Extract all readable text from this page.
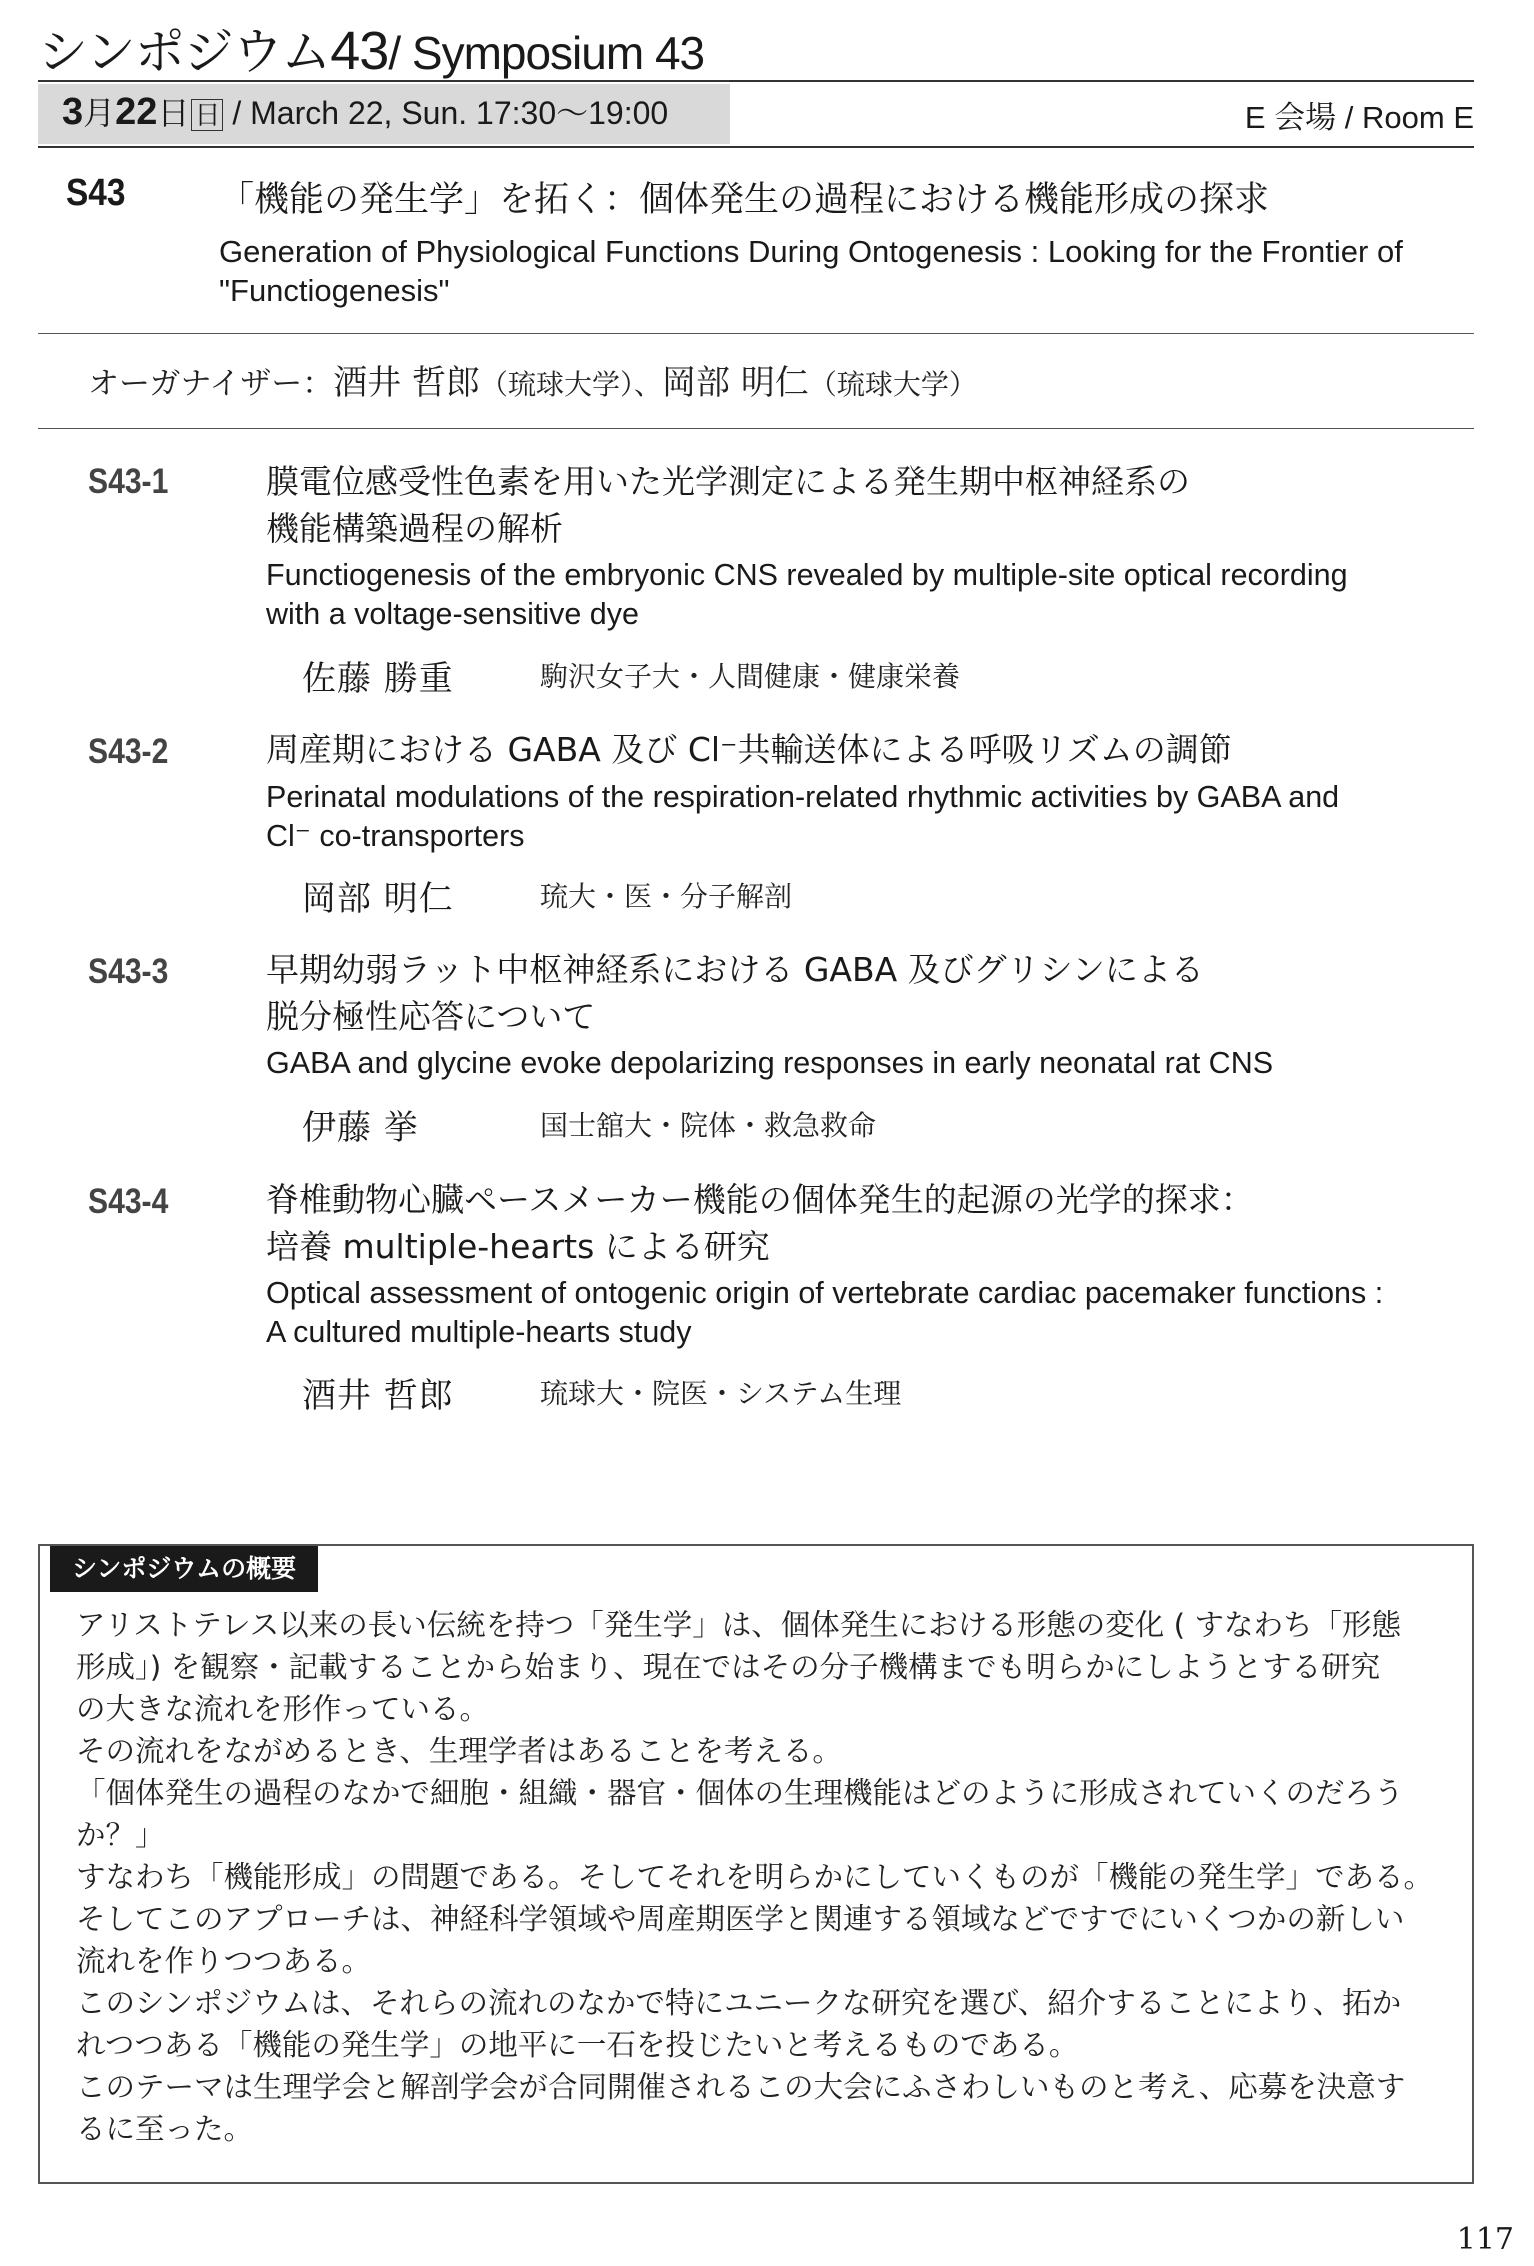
シンポジウム43/ Symposium 43
3月22日 日 / March 22, Sun. 17:30〜19:00	E 会場 / Room E
S43	「機能の発生学」を拓く：個体発生の過程における機能形成の探求
Generation of Physiological Functions During Ontogenesis : Looking for the Frontier of "Functiogenesis"
オーガナイザー：酒井 哲郎（琉球大学）、岡部 明仁（琉球大学）
S43-1	膜電位感受性色素を用いた光学測定による発生期中枢神経系の
機能構築過程の解析
Functiogenesis of the embryonic CNS revealed by multiple-site optical recording
with a voltage-sensitive dye
佐藤 勝重	駒沢女子大・人間健康・健康栄養
S43-2	周産期における GABA 及び Cl⁻共輸送体による呼吸リズムの調節
Perinatal modulations of the respiration-related rhythmic activities by GABA and
Cl⁻ co-transporters
岡部 明仁	琉大・医・分子解剖
S43-3	早期幼弱ラット中枢神経系における GABA 及びグリシンによる
脱分極性応答について
GABA and glycine evoke depolarizing responses in early neonatal rat CNS
伊藤 挙	国士舘大・院体・救急救命
S43-4	脊椎動物心臓ペースメーカー機能の個体発生的起源の光学的探求：
培養 multiple-hearts による研究
Optical assessment of ontogenic origin of vertebrate cardiac pacemaker functions :
A cultured multiple-hearts study
酒井 哲郎	琉球大・院医・システム生理
シンポジウムの概要

アリストテレス以来の長い伝統を持つ「発生学」は、個体発生における形態の変化 ( すなわち「形態

形成」) を観察・記載することから始まり、現在ではその分子機構までも明らかにしようとする研究

の大きな流れを形作っている。

その流れをながめるとき、生理学者はあることを考える。

「個体発生の過程のなかで細胞・組織・器官・個体の生理機能はどのように形成されていくのだろう

か？」

すなわち「機能形成」の問題である。そしてそれを明らかにしていくものが「機能の発生学」である。

そしてこのアプローチは、神経科学領域や周産期医学と関連する領域などですでにいくつかの新しい

流れを作りつつある。

このシンポジウムは、それらの流れのなかで特にユニークな研究を選び、紹介することにより、拓か

れつつある「機能の発生学」の地平に一石を投じたいと考えるものである。

このテーマは生理学会と解剖学会が合同開催されるこの大会にふさわしいものと考え、応募を決意す

るに至った。

117
